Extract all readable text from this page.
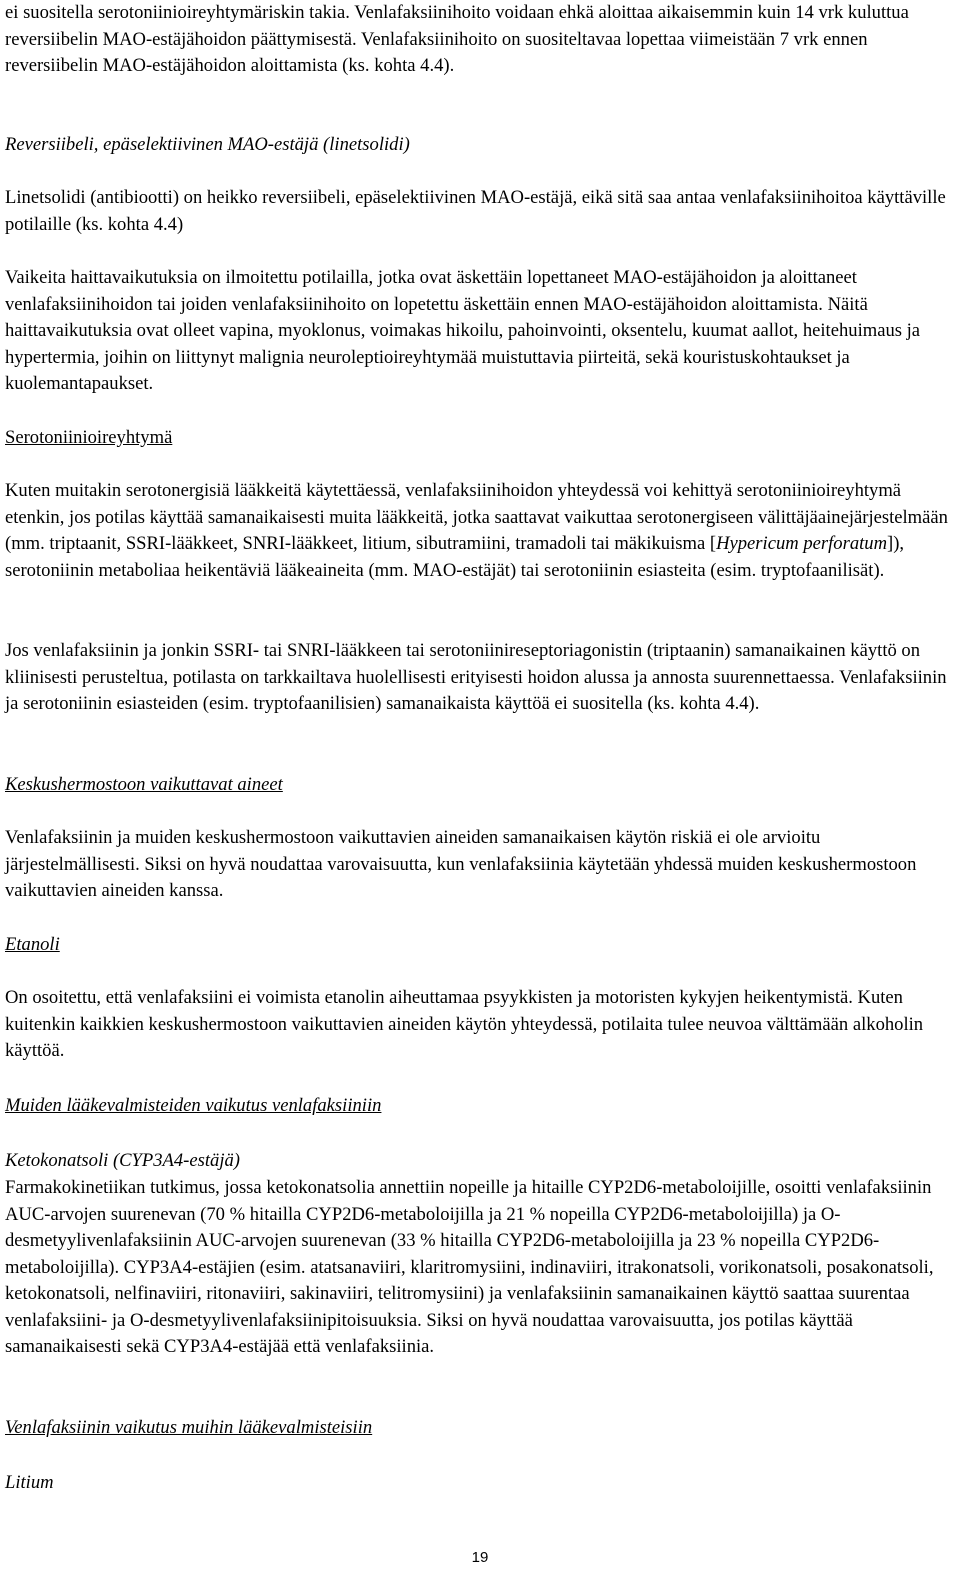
ei suositella serotoniinioireyhtymäriskin takia. Venlafaksiinihoito voidaan ehkä aloittaa aikaisemmin kuin 14 vrk kuluttua reversiibelin MAO-estäjähoidon päättymisestä. Venlafaksiinihoito on suositeltavaa lopettaa viimeistään 7 vrk ennen reversiibelin MAO-estäjähoidon aloittamista (ks. kohta 4.4).

Reversiibeli, epäselektiivinen MAO-estäjä (linetsolidi)

Linetsolidi (antibiootti) on heikko reversiibeli, epäselektiivinen MAO-estäjä, eikä sitä saa antaa venlafaksiinihoitoa käyttäville potilaille (ks. kohta 4.4)

Vaikeita haittavaikutuksia on ilmoitettu potilailla, jotka ovat äskettäin lopettaneet MAO-estäjähoidon ja aloittaneet venlafaksiinihoidon tai joiden venlafaksiinihoito on lopetettu äskettäin ennen MAO-estäjähoidon aloittamista. Näitä haittavaikutuksia ovat olleet vapina, myoklonus, voimakas hikoilu, pahoinvointi, oksentelu, kuumat aallot, heitehuimaus ja hypertermia, joihin on liittynyt malignia neuroleptioireyhtymää muistuttavia piirteitä, sekä kouristuskohtaukset ja kuolemantapaukset.

Serotoniinioireyhtymä

Kuten muitakin serotonergisiä lääkkeitä käytettäessä, venlafaksiinihoidon yhteydessä voi kehittyä serotoniinioireyhtymä etenkin, jos potilas käyttää samanaikaisesti muita lääkkeitä, jotka saattavat vaikuttaa serotonergiseen välittäjäainejärjestelmään (mm. triptaanit, SSRI-lääkkeet, SNRI-lääkkeet, litium, sibutramiini, tramadoli tai mäkikuisma [Hypericum perforatum]), serotoniinin metaboliaa heikentäviä lääkeaineita (mm. MAO-estäjät) tai serotoniinin esiasteita (esim. tryptofaanilisät).

Jos venlafaksiinin ja jonkin SSRI- tai SNRI-lääkkeen tai serotoniinireseptoriagonistin (triptaanin) samanaikainen käyttö on kliinisesti perusteltua, potilasta on tarkkailtava huolellisesti erityisesti hoidon alussa ja annosta suurennettaessa. Venlafaksiinin ja serotoniinin esiasteiden (esim. tryptofaanilisien) samanaikaista käyttöä ei suositella (ks. kohta 4.4).

Keskushermostoon vaikuttavat aineet

Venlafaksiinin ja muiden keskushermostoon vaikuttavien aineiden samanaikaisen käytön riskiä ei ole arvioitu järjestelmällisesti. Siksi on hyvä noudattaa varovaisuutta, kun venlafaksiinia käytetään yhdessä muiden keskushermostoon vaikuttavien aineiden kanssa.

Etanoli

On osoitettu, että venlafaksiini ei voimista etanolin aiheuttamaa psyykkisten ja motoristen kykyjen heikentymistä. Kuten kuitenkin kaikkien keskushermostoon vaikuttavien aineiden käytön yhteydessä, potilaita tulee neuvoa välttämään alkoholin käyttöä.

Muiden lääkevalmisteiden vaikutus venlafaksiiniin

Ketokonatsoli (CYP3A4-estäjä)

Farmakokinetiikan tutkimus, jossa ketokonatsolia annettiin nopeille ja hitaille CYP2D6-metaboloijille, osoitti venlafaksiinin AUC-arvojen suurenevan (70 % hitailla CYP2D6-metaboloijilla ja 21 % nopeilla CYP2D6-metaboloijilla) ja O-desmetyylivenlafaksiinin AUC-arvojen suurenevan (33 % hitailla CYP2D6-metaboloijilla ja 23 % nopeilla CYP2D6-metaboloijilla). CYP3A4-estäjien (esim. atatsanaviiri, klaritromysiini, indinaviiri, itrakonatsoli, vorikonatsoli, posakonatsoli, ketokonatsoli, nelfinaviiri, ritonaviiri, sakinaviiri, telitromysiini) ja venlafaksiinin samanaikainen käyttö saattaa suurentaa venlafaksiini- ja O-desmetyylivenlafaksiinipitoisuuksia. Siksi on hyvä noudattaa varovaisuutta, jos potilas käyttää samanaikaisesti sekä CYP3A4-estäjää että venlafaksiinia.

Venlafaksiinin vaikutus muihin lääkevalmisteisiin

Litium

19
